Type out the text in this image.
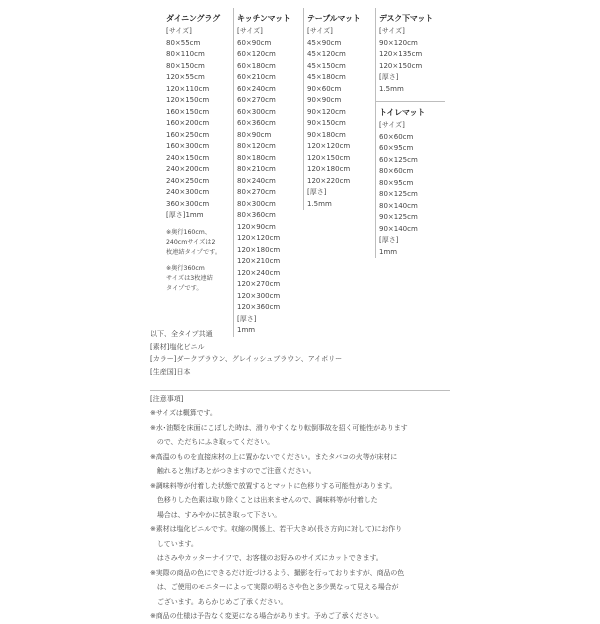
ダイニングラグ
[サイズ]
80×55cm
80×110cm
80×150cm
120×55cm
120×110cm
120×150cm
160×150cm
160×200cm
160×250cm
160×300cm
240×150cm
240×200cm
240×250cm
240×300cm
360×300cm
[厚さ]1mm
※奥行160cm、
240cmサイズは2
枚連結タイプです。
※奥行360cm
サイズは3枚連結
タイプです。
キッチンマット
[サイズ]
60×90cm
60×120cm
60×180cm
60×210cm
60×240cm
60×270cm
60×300cm
60×360cm
80×90cm
80×120cm
80×180cm
80×210cm
80×240cm
80×270cm
80×300cm
80×360cm
120×90cm
120×120cm
120×180cm
120×210cm
120×240cm
120×270cm
120×300cm
120×360cm
[厚さ]
1mm
テーブルマット
[サイズ]
45×90cm
45×120cm
45×150cm
45×180cm
90×60cm
90×90cm
90×120cm
90×150cm
90×180cm
120×120cm
120×150cm
120×180cm
120×220cm
[厚さ]
1.5mm
デスク下マット
[サイズ]
90×120cm
120×135cm
120×150cm
[厚さ]
1.5mm
トイレマット
[サイズ]
60×60cm
60×95cm
60×125cm
80×60cm
80×95cm
80×125cm
80×140cm
90×125cm
90×140cm
[厚さ]
1mm
以下、全タイプ共通
[素材]塩化ビニル
[カラー]ダークブラウン、グレイッシュブラウン、アイボリー
[生産国]日本
[注意事項]
※サイズは概算です。
※水･油類を床面にこぼした時は、滑りやすくなり転倒事故を招く可能性があります
　ので、ただちにふき取ってください。
※高温のものを直接床材の上に置かないでください。またタバコの火等が床材に
　触れると焦げあとがつきますのでご注意ください。
※調味料等が付着した状態で放置するとマットに色移りする可能性があります。
　色移りした色素は取り除くことは出来ませんので、調味料等が付着した
　場合は、すみやかに拭き取って下さい。
※素材は塩化ビニルです。収縮の関係上、若干大きめ(長さ方向に対して)にお作り
　しています。
　はさみやカッターナイフで、お客様のお好みのサイズにカットできます。
※実際の商品の色にできるだけ近づけるよう、撮影を行っておりますが、商品の色
　は、ご使用のモニターによって実際の明るさや色と多少異なって見える場合が
　ございます。あらかじめご了承ください。
※商品の仕様は予告なく変更になる場合があります。予めご了承ください。
